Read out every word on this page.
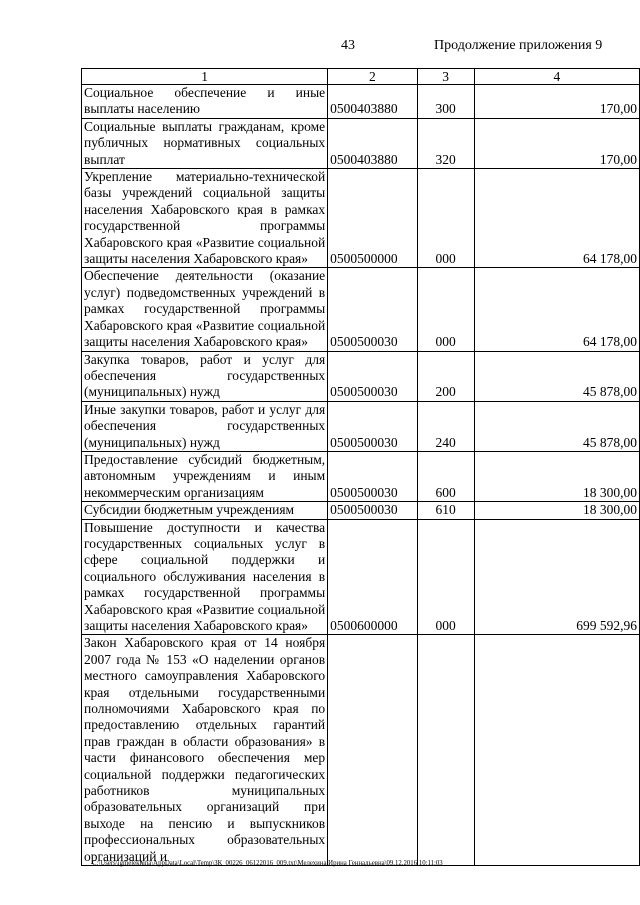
43	Продолжение приложения 9
1	2	3	4
Социальное обеспечение и иные выплаты населению	0500403880	300	170,00
Социальные выплаты гражданам, кроме публичных нормативных социальных выплат	0500403880	320	170,00
Укрепление материально-технической базы учреждений социальной защиты населения Хабаровского края в рамках государственной программы Хабаровского края «Развитие социальной защиты населения Хабаровского края»	0500500000	000	64 178,00
Обеспечение деятельности (оказание услуг) подведомственных учреждений в рамках государственной программы Хабаровского края «Развитие социальной защиты населения Хабаровского края»	0500500030	000	64 178,00
Закупка товаров, работ и услуг для обеспечения государственных (муниципальных) нужд	0500500030	200	45 878,00
Иные закупки товаров, работ и услуг для обеспечения государственных (муниципальных) нужд	0500500030	240	45 878,00
Предоставление субсидий бюджетным, автономным учреждениям и иным некоммерческим организациям	0500500030	600	18 300,00
Субсидии бюджетным учреждениям	0500500030	610	18 300,00
Повышение доступности и качества государственных социальных услуг в сфере социальной поддержки и социального обслуживания населения в рамках государственной программы Хабаровского края «Развитие социальной защиты населения Хабаровского края»	0500600000	000	699 592,96
Закон Хабаровского края от 14 ноября 2007 года № 153 «О наделении органов местного самоуправления Хабаровского края отдельными государственными полномочиями Хабаровского края по предоставлению отдельных гарантий прав граждан в области образования» в части финансового обеспечения мер социальной поддержки педагогических работников муниципальных образовательных организаций при выходе на пенсию и выпускников профессиональных образовательных организаций и			
C:\Users\igmelekhina\AppData\Local\Temp\ЗК_00226_06122016_009.txt\Мелехина Ирина Геннадьевна\09.12.2016 10:11:03
